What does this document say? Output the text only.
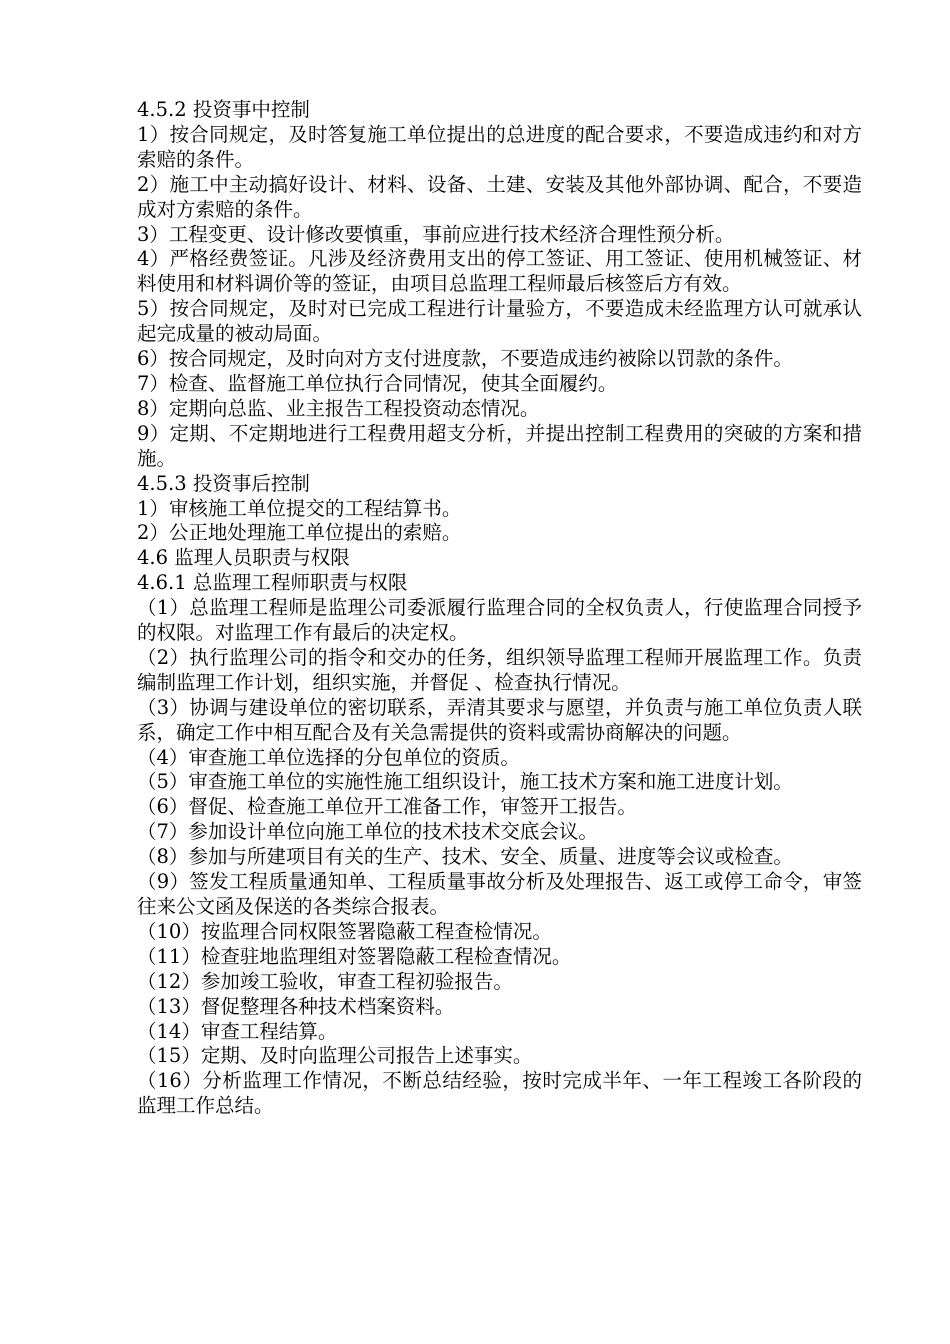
4.5.2 投资事中控制

1）按合同规定，及时答复施工单位提出的总进度的配合要求，不要造成违约和对方索赔的条件。

2）施工中主动搞好设计、材料、设备、土建、安装及其他外部协调、配合，不要造成对方索赔的条件。

3）工程变更、设计修改要慎重，事前应进行技术经济合理性预分析。

4）严格经费签证。凡涉及经济费用支出的停工签证、用工签证、使用机械签证、材料使用和材料调价等的签证，由项目总监理工程师最后核签后方有效。

5）按合同规定，及时对已完成工程进行计量验方，不要造成未经监理方认可就承认起完成量的被动局面。

6）按合同规定，及时向对方支付进度款，不要造成违约被除以罚款的条件。

7）检查、监督施工单位执行合同情况，使其全面履约。

8）定期向总监、业主报告工程投资动态情况。

9）定期、不定期地进行工程费用超支分析，并提出控制工程费用的突破的方案和措施。

4.5.3 投资事后控制

1）审核施工单位提交的工程结算书。

2）公正地处理施工单位提出的索赔。

4.6 监理人员职责与权限

4.6.1 总监理工程师职责与权限

（1）总监理工程师是监理公司委派履行监理合同的全权负责人，行使监理合同授予的权限。对监理工作有最后的决定权。

（2）执行监理公司的指令和交办的任务，组织领导监理工程师开展监理工作。负责编制监理工作计划，组织实施，并督促 、检查执行情况。

（3）协调与建设单位的密切联系，弄清其要求与愿望，并负责与施工单位负责人联系，确定工作中相互配合及有关急需提供的资料或需协商解决的问题。

（4）审查施工单位选择的分包单位的资质。

（5）审查施工单位的实施性施工组织设计，施工技术方案和施工进度计划。

（6）督促、检查施工单位开工准备工作，审签开工报告。

（7）参加设计单位向施工单位的技术技术交底会议。

（8）参加与所建项目有关的生产、技术、安全、质量、进度等会议或检查。

（9）签发工程质量通知单、工程质量事故分析及处理报告、返工或停工命令，审签往来公文函及保送的各类综合报表。

（10）按监理合同权限签署隐蔽工程查检情况。

（11）检查驻地监理组对签署隐蔽工程检查情况。

（12）参加竣工验收，审查工程初验报告。

（13）督促整理各种技术档案资料。

（14）审查工程结算。

（15）定期、及时向监理公司报告上述事实。

（16）分析监理工作情况，不断总结经验，按时完成半年、一年工程竣工各阶段的监理工作总结。
